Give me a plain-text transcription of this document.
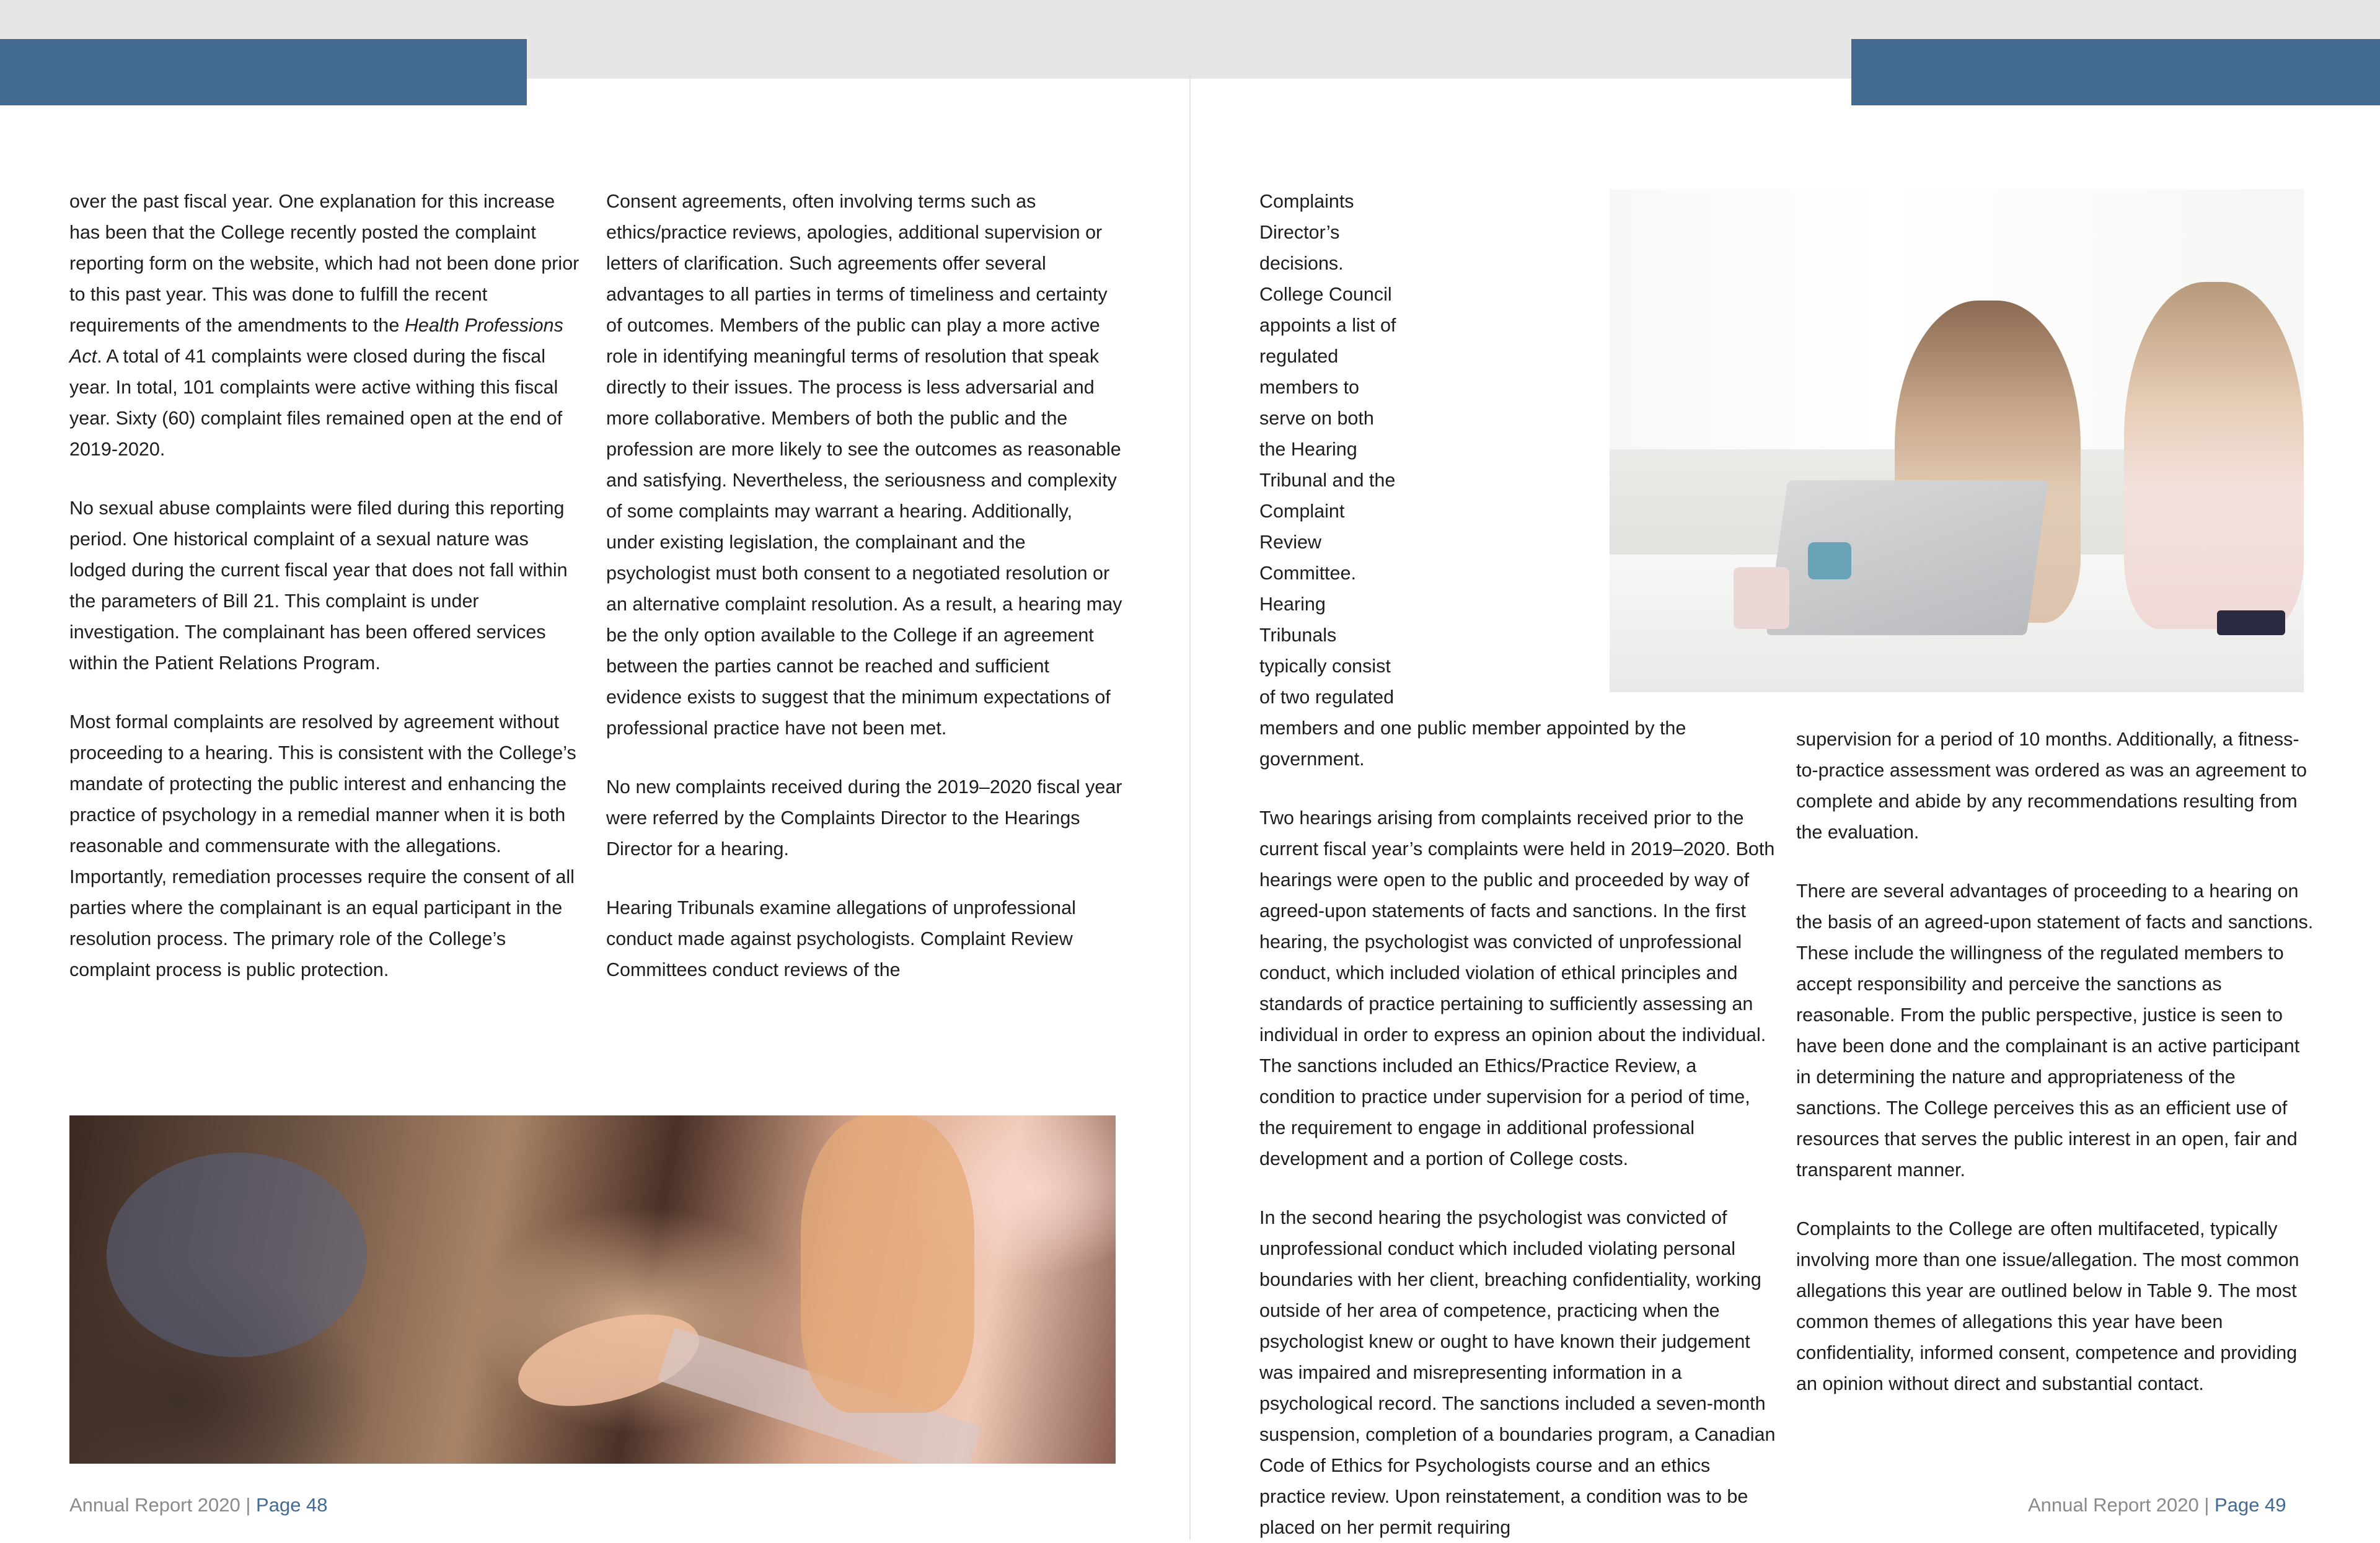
over the past fiscal year. One explanation for this increase has been that the College recently posted the complaint reporting form on the website, which had not been done prior to this past year. This was done to fulfill the recent requirements of the amendments to the Health Professions Act. A total of 41 complaints were closed during the fiscal year. In total, 101 complaints were active withing this fiscal year. Sixty (60) complaint files remained open at the end of 2019-2020.

No sexual abuse complaints were filed during this reporting period. One historical complaint of a sexual nature was lodged during the current fiscal year that does not fall within the parameters of Bill 21. This complaint is under investigation. The complainant has been offered services within the Patient Relations Program.

Most formal complaints are resolved by agreement without proceeding to a hearing. This is consistent with the College’s mandate of protecting the public interest and enhancing the practice of psychology in a remedial manner when it is both reasonable and commensurate with the allegations. Importantly, remediation processes require the consent of all parties where the complainant is an equal participant in the resolution process. The primary role of the College’s complaint process is public protection.

Consent agreements, often involving terms such as ethics/practice reviews, apologies, additional supervision or letters of clarification. Such agreements offer several advantages to all parties in terms of timeliness and certainty of outcomes. Members of the public can play a more active role in identifying meaningful terms of resolution that speak directly to their issues. The process is less adversarial and more collaborative. Members of both the public and the profession are more likely to see the outcomes as reasonable and satisfying. Nevertheless, the seriousness and complexity of some complaints may warrant a hearing. Additionally, under existing legislation, the complainant and the psychologist must both consent to a negotiated resolution or an alternative complaint resolution. As a result, a hearing may be the only option available to the College if an agreement between the parties cannot be reached and sufficient evidence exists to suggest that the minimum expectations of professional practice have not been met.

No new complaints received during the 2019–2020 fiscal year were referred by the Complaints Director to the Hearings Director for a hearing.

Hearing Tribunals examine allegations of unprofessional conduct made against psychologists. Complaint Review Committees conduct reviews of the

Annual Report 2020 | Page 48

Complaints Director’s decisions. College Council appoints a list of regulated members to serve on both the Hearing Tribunal and the Complaint Review Committee. Hearing Tribunals typically consist of two regulated members and one public member appointed by the government.

Two hearings arising from complaints received prior to the current fiscal year’s complaints were held in 2019–2020. Both hearings were open to the public and proceeded by way of agreed-upon statements of facts and sanctions. In the first hearing, the psychologist was convicted of unprofessional conduct, which included violation of ethical principles and standards of practice pertaining to sufficiently assessing an individual in order to express an opinion about the individual. The sanctions included an Ethics/Practice Review, a condition to practice under supervision for a period of time, the requirement to engage in additional professional development and a portion of College costs.

In the second hearing the psychologist was convicted of unprofessional conduct which included violating personal boundaries with her client, breaching confidentiality, working outside of her area of competence, practicing when the psychologist knew or ought to have known their judgement was impaired and misrepresenting information in a psychological record. The sanctions included a seven-month suspension, completion of a boundaries program, a Canadian Code of Ethics for Psychologists course and an ethics practice review. Upon reinstatement, a condition was to be placed on her permit requiring

supervision for a period of 10 months. Additionally, a fitness-to-practice assessment was ordered as was an agreement to complete and abide by any recommendations resulting from the evaluation.

There are several advantages of proceeding to a hearing on the basis of an agreed-upon statement of facts and sanctions. These include the willingness of the regulated members to accept responsibility and perceive the sanctions as reasonable. From the public perspective, justice is seen to have been done and the complainant is an active participant in determining the nature and appropriateness of the sanctions. The College perceives this as an efficient use of resources that serves the public interest in an open, fair and transparent manner.

Complaints to the College are often multifaceted, typically involving more than one issue/allegation. The most common allegations this year are outlined below in Table 9. The most common themes of allegations this year have been confidentiality, informed consent, competence and providing an opinion without direct and substantial contact.

Annual Report 2020 | Page 49
